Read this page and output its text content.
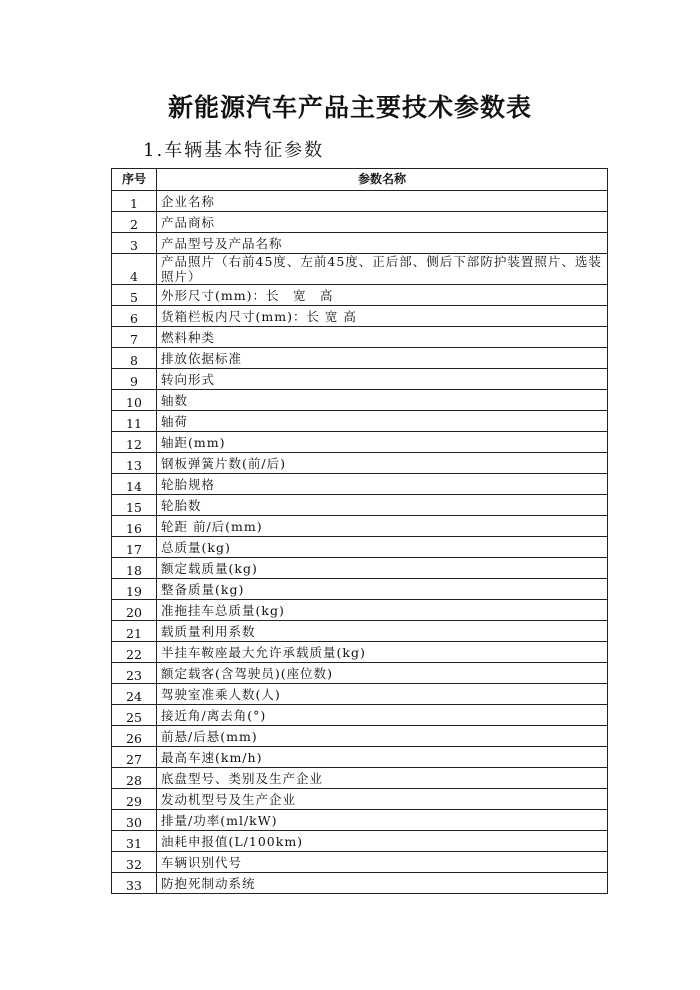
新能源汽车产品主要技术参数表
1.车辆基本特征参数
序号	参数名称
1	企业名称
2	产品商标
3	产品型号及产品名称
4	产品照片（右前45度、左前45度、正后部、侧后下部防护装置照片、选装照片）
5	外形尺寸(mm)：长　宽　高
6	货箱栏板内尺寸(mm)：长 宽 高
7	燃料种类
8	排放依据标准
9	转向形式
10	轴数
11	轴荷
12	轴距(mm)
13	钢板弹簧片数(前/后)
14	轮胎规格
15	轮胎数
16	轮距 前/后(mm)
17	总质量(kg)
18	额定载质量(kg)
19	整备质量(kg)
20	准拖挂车总质量(kg)
21	载质量利用系数
22	半挂车鞍座最大允许承载质量(kg)
23	额定载客(含驾驶员)(座位数)
24	驾驶室准乘人数(人)
25	接近角/离去角(°)
26	前悬/后悬(mm)
27	最高车速(km/h)
28	底盘型号、类别及生产企业
29	发动机型号及生产企业
30	排量/功率(ml/kW)
31	油耗申报值(L/100km)
32	车辆识别代号
33	防抱死制动系统
